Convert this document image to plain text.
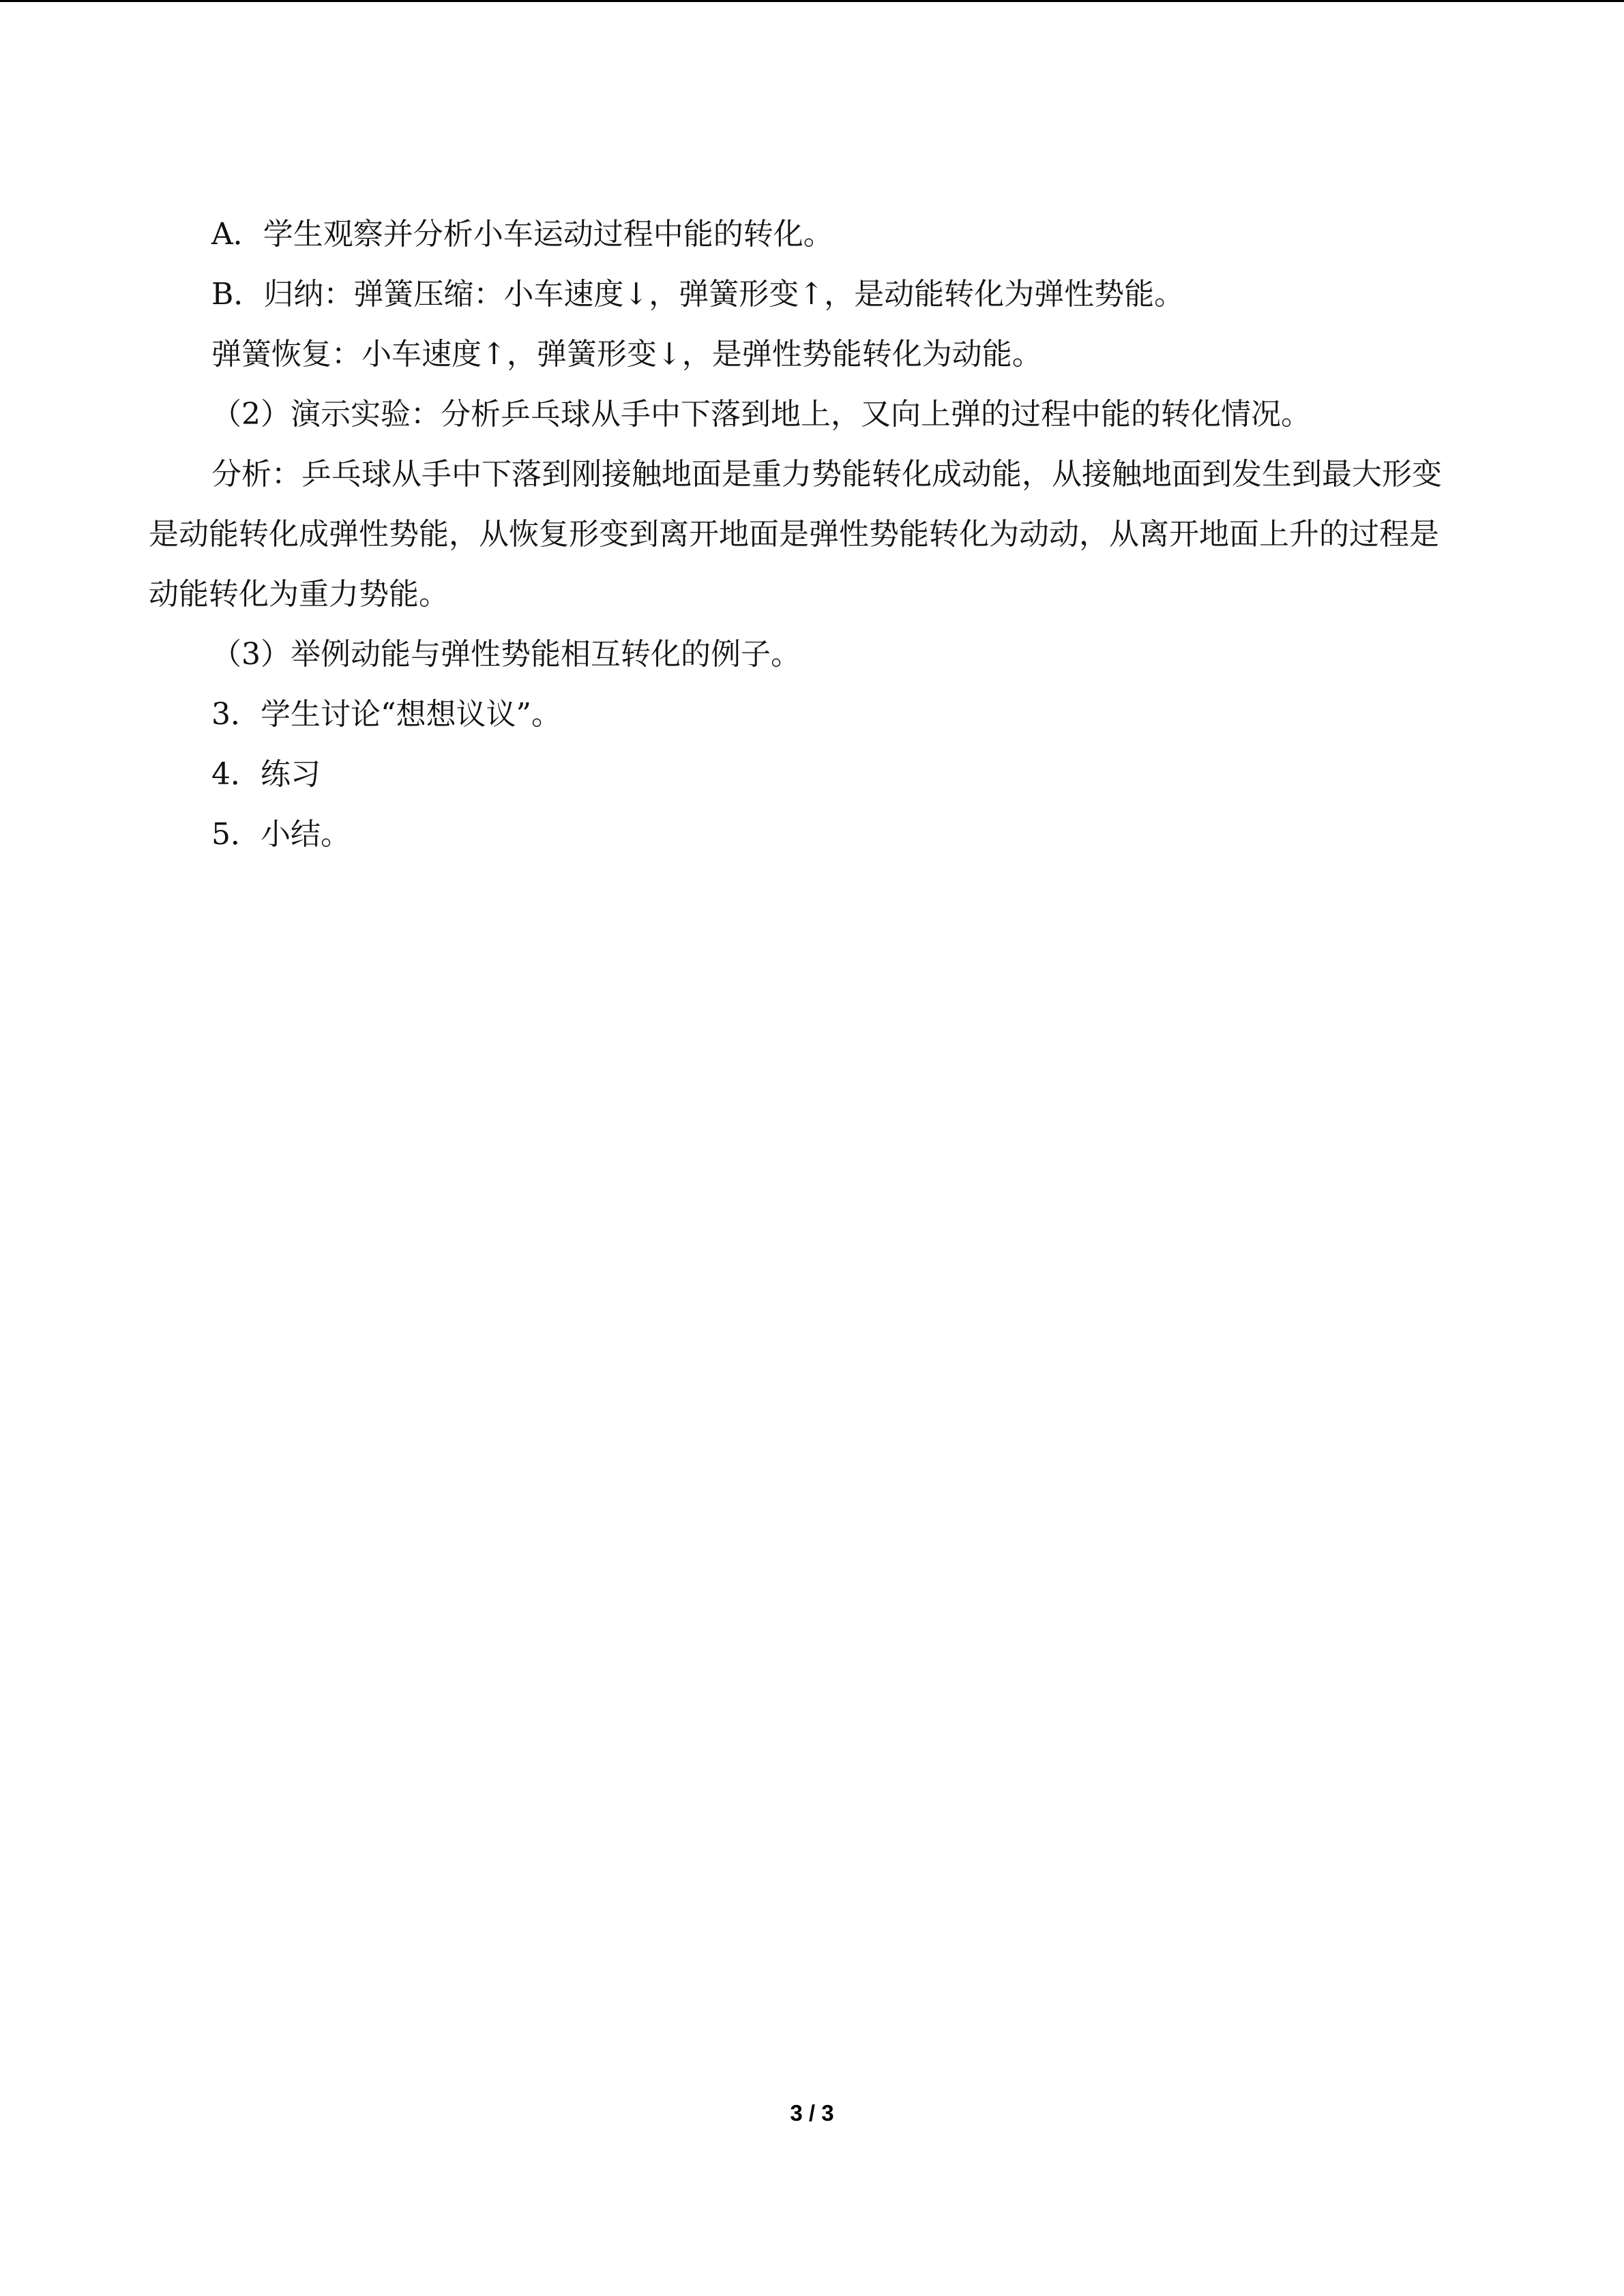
A．学生观察并分析小车运动过程中能的转化。

B．归纳：弹簧压缩：小车速度↓，弹簧形变↑，是动能转化为弹性势能。

弹簧恢复：小车速度↑，弹簧形变↓，是弹性势能转化为动能。

（2）演示实验：分析乒乓球从手中下落到地上，又向上弹的过程中能的转化情况。

分析：乒乓球从手中下落到刚接触地面是重力势能转化成动能，从接触地面到发生到最大形变是动能转化成弹性势能，从恢复形变到离开地面是弹性势能转化为动动，从离开地面上升的过程是动能转化为重力势能。

（3）举例动能与弹性势能相互转化的例子。

3．学生讨论“想想议议”。

4．练习

5．小结。

3 / 3
